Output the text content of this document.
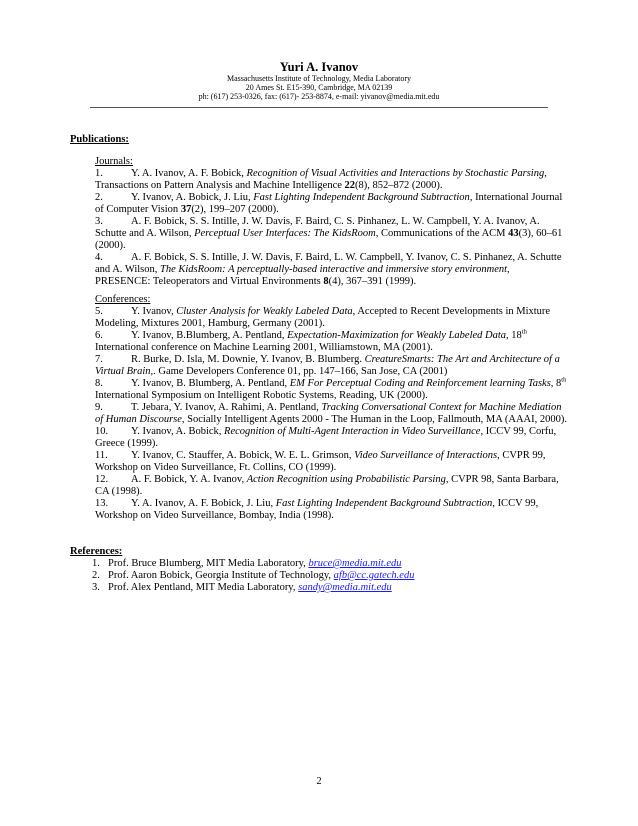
Yuri A. Ivanov
Massachusetts Institute of Technology, Media Laboratory
20 Ames St. E15-390, Cambridge, MA 02139
ph: (617) 253-0326, fax: (617)- 253-8874, e-mail: yivanov@media.mit.edu
Publications:
Journals:
1.	Y. A. Ivanov, A. F. Bobick, Recognition of Visual Activities and Interactions by Stochastic Parsing, Transactions on Pattern Analysis and Machine Intelligence 22(8), 852–872 (2000).
2.	Y. Ivanov, A. Bobick, J. Liu, Fast Lighting Independent Background Subtraction, International Journal of Computer Vision 37(2), 199–207 (2000).
3.	A. F. Bobick, S. S. Intille, J. W. Davis, F. Baird, C. S. Pinhanez, L. W. Campbell, Y. A. Ivanov, A. Schutte and A. Wilson, Perceptual User Interfaces: The KidsRoom, Communications of the ACM 43(3), 60–61 (2000).
4.	A. F. Bobick, S. S. Intille, J. W. Davis, F. Baird, L. W. Campbell, Y. Ivanov, C. S. Pinhanez, A. Schutte and A. Wilson, The KidsRoom: A perceptually-based interactive and immersive story environment, PRESENCE: Teleoperators and Virtual Environments 8(4), 367–391 (1999).
Conferences:
5.	Y. Ivanov, Cluster Analysis for Weakly Labeled Data, Accepted to Recent Developments in Mixture Modeling, Mixtures 2001, Hamburg, Germany (2001).
6.	Y. Ivanov, B.Blumberg, A. Pentland, Expectation-Maximization for Weakly Labeled Data, 18th International conference on Machine Learning 2001, Williamstown, MA (2001).
7.	R. Burke, D. Isla, M. Downie, Y. Ivanov, B. Blumberg. CreatureSmarts: The Art and Architecture of a Virtual Brain,. Game Developers Conference 01, pp. 147–166, San Jose, CA (2001)
8.	Y. Ivanov, B. Blumberg, A. Pentland, EM For Perceptual Coding and Reinforcement learning Tasks, 8th International Symposium on Intelligent Robotic Systems, Reading, UK (2000).
9.	T. Jebara, Y. Ivanov, A. Rahimi, A. Pentland, Tracking Conversational Context for Machine Mediation of Human Discourse, Socially Intelligent Agents 2000 - The Human in the Loop, Fallmouth, MA (AAAI, 2000).
10. Y. Ivanov, A. Bobick, Recognition of Multi-Agent Interaction in Video Surveillance, ICCV 99, Corfu, Greece (1999).
11. Y. Ivanov, C. Stauffer, A. Bobick, W. E. L. Grimson, Video Surveillance of Interactions, CVPR 99, Workshop on Video Surveillance, Ft. Collins, CO (1999).
12. A. F. Bobick, Y. A. Ivanov, Action Recognition using Probabilistic Parsing, CVPR 98, Santa Barbara, CA (1998).
13. Y. A. Ivanov, A. F. Bobick, J. Liu, Fast Lighting Independent Background Subtraction, ICCV 99, Workshop on Video Surveillance, Bombay, India (1998).
References:
1. Prof. Bruce Blumberg, MIT Media Laboratory, bruce@media.mit.edu
2. Prof. Aaron Bobick, Georgia Institute of Technology, afb@cc.gatech.edu
3. Prof. Alex Pentland, MIT Media Laboratory, sandy@media.mit.edu
2
